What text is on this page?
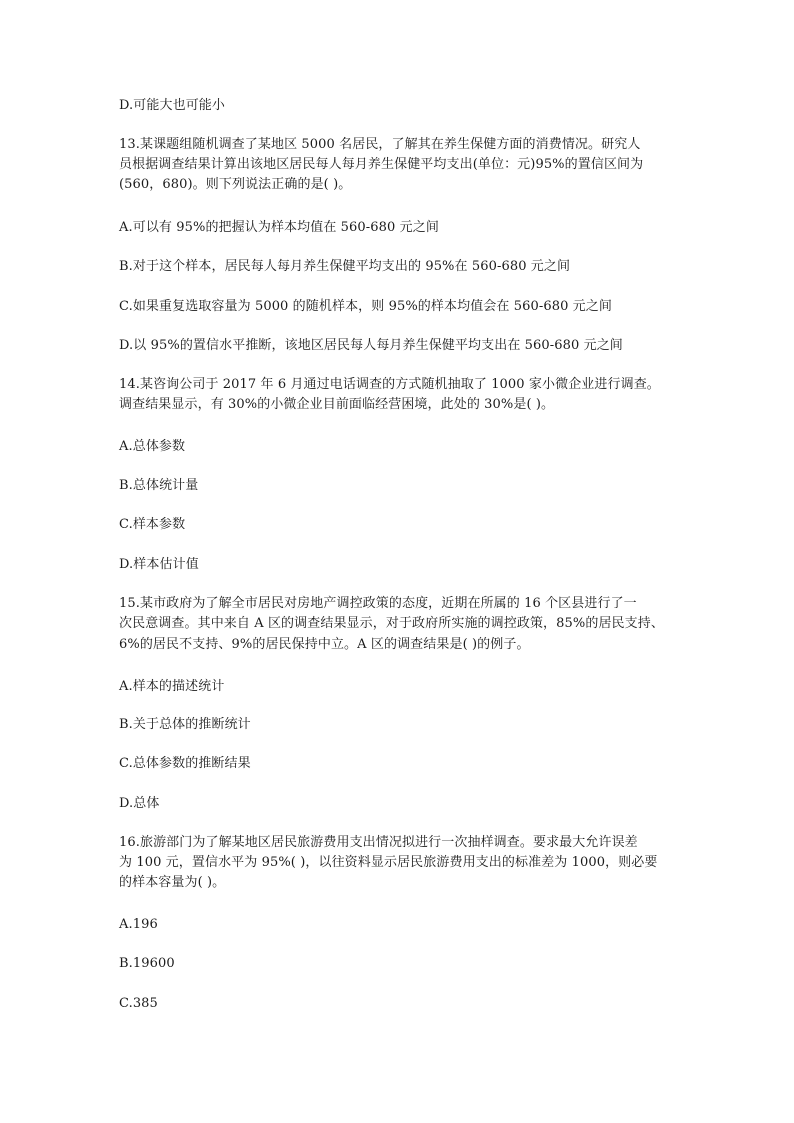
D.可能大也可能小
13.某课题组随机调查了某地区 5000 名居民，了解其在养生保健方面的消费情况。研究人
员根据调查结果计算出该地区居民每人每月养生保健平均支出(单位：元)95%的置信区间为
(560，680)。则下列说法正确的是( )。
A.可以有 95%的把握认为样本均值在 560-680 元之间
B.对于这个样本，居民每人每月养生保健平均支出的 95%在 560-680 元之间
C.如果重复选取容量为 5000 的随机样本，则 95%的样本均值会在 560-680 元之间
D.以 95%的置信水平推断，该地区居民每人每月养生保健平均支出在 560-680 元之间
14.某咨询公司于 2017 年 6 月通过电话调查的方式随机抽取了 1000 家小微企业进行调查。
调查结果显示，有 30%的小微企业目前面临经营困境，此处的 30%是( )。
A.总体参数
B.总体统计量
C.样本参数
D.样本估计值
15.某市政府为了解全市居民对房地产调控政策的态度，近期在所属的 16 个区县进行了一
次民意调查。其中来自 A 区的调查结果显示，对于政府所实施的调控政策，85%的居民支持、
6%的居民不支持、9%的居民保持中立。A 区的调查结果是( )的例子。
A.样本的描述统计
B.关于总体的推断统计
C.总体参数的推断结果
D.总体
16.旅游部门为了解某地区居民旅游费用支出情况拟进行一次抽样调查。要求最大允许误差
为 100 元，置信水平为 95%( )，以往资料显示居民旅游费用支出的标准差为 1000，则必要
的样本容量为( )。
A.196
B.19600
C.385
